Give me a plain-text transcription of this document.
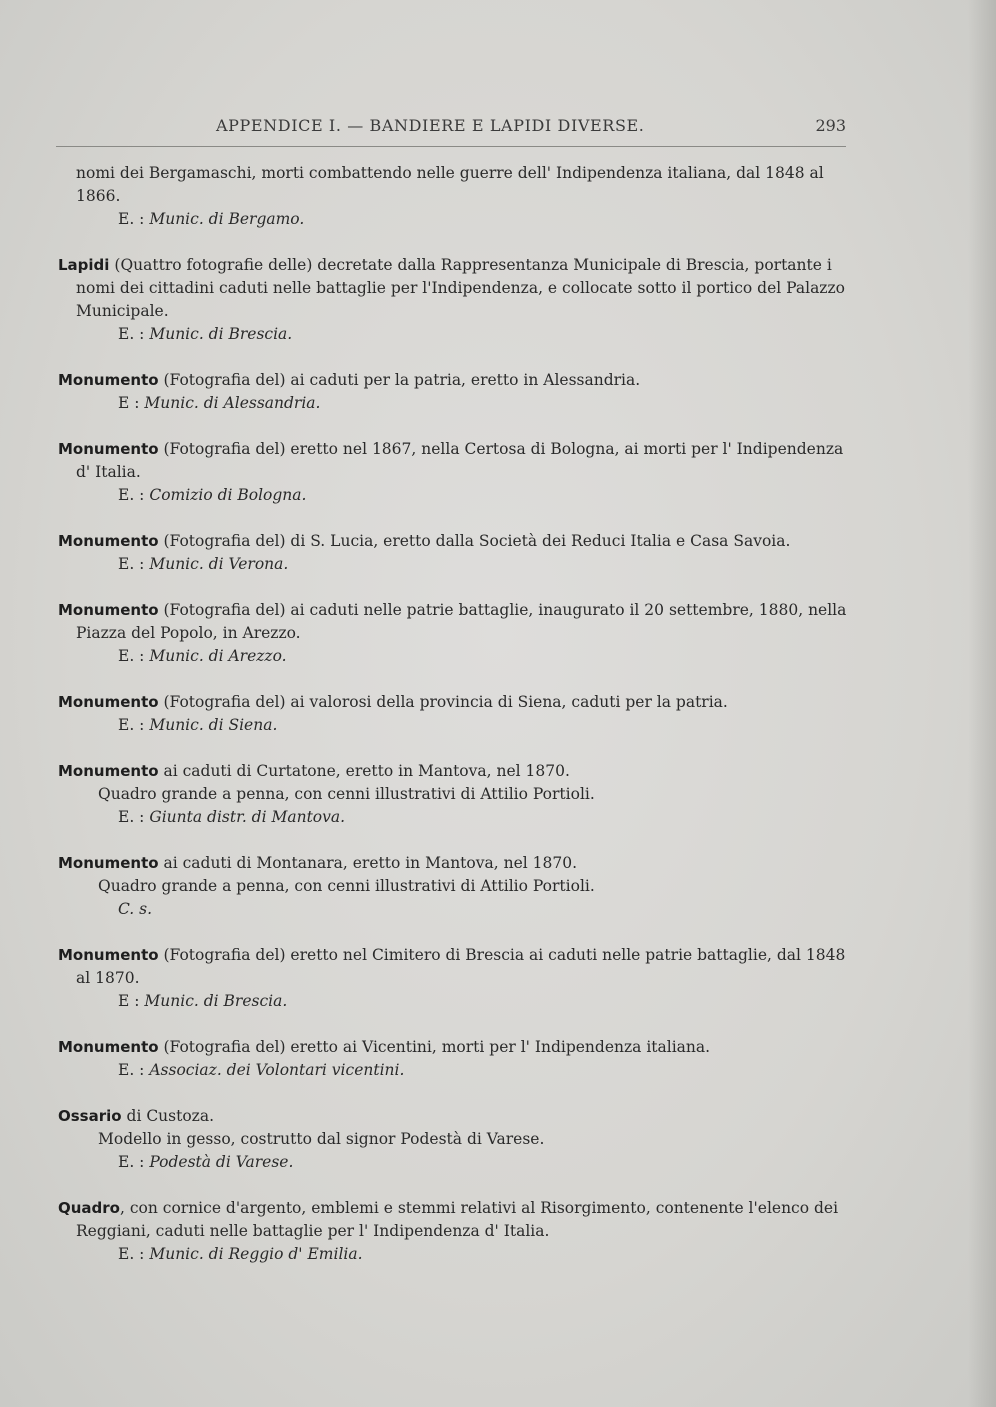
APPENDICE I. — BANDIERE E LAPIDI DIVERSE.	293

nomi dei Bergamaschi, morti combattendo nelle guerre dell' Indipendenza italiana, dal 1848 al 1866.

E. : Munic. di Bergamo.

Lapidi (Quattro fotografie delle) decretate dalla Rappresentanza Municipale di Brescia, portante i nomi dei cittadini caduti nelle battaglie per l'Indipendenza, e collocate sotto il portico del Palazzo Municipale.

E. : Munic. di Brescia.

Monumento (Fotografia del) ai caduti per la patria, eretto in Alessandria.

E : Munic. di Alessandria.

Monumento (Fotografia del) eretto nel 1867, nella Certosa di Bologna, ai morti per l' Indipendenza d' Italia.

E. : Comizio di Bologna.

Monumento (Fotografia del) di S. Lucia, eretto dalla Società dei Reduci Italia e Casa Savoia.

E. : Munic. di Verona.

Monumento (Fotografia del) ai caduti nelle patrie battaglie, inaugurato il 20 settembre, 1880, nella Piazza del Popolo, in Arezzo.

E. : Munic. di Arezzo.

Monumento (Fotografia del) ai valorosi della provincia di Siena, caduti per la patria.

E. : Munic. di Siena.

Monumento ai caduti di Curtatone, eretto in Mantova, nel 1870.

Quadro grande a penna, con cenni illustrativi di Attilio Portioli.

E. : Giunta distr. di Mantova.

Monumento ai caduti di Montanara, eretto in Mantova, nel 1870.

Quadro grande a penna, con cenni illustrativi di Attilio Portioli.

C. s.

Monumento (Fotografia del) eretto nel Cimitero di Brescia ai caduti nelle patrie battaglie, dal 1848 al 1870.

E : Munic. di Brescia.

Monumento (Fotografia del) eretto ai Vicentini, morti per l' Indipendenza italiana.

E. : Associaz. dei Volontari vicentini.

Ossario di Custoza.

Modello in gesso, costrutto dal signor Podestà di Varese.

E. : Podestà di Varese.

Quadro, con cornice d'argento, emblemi e stemmi relativi al Risorgimento, contenente l'elenco dei Reggiani, caduti nelle battaglie per l' Indipendenza d' Italia.

E. : Munic. di Reggio d' Emilia.
